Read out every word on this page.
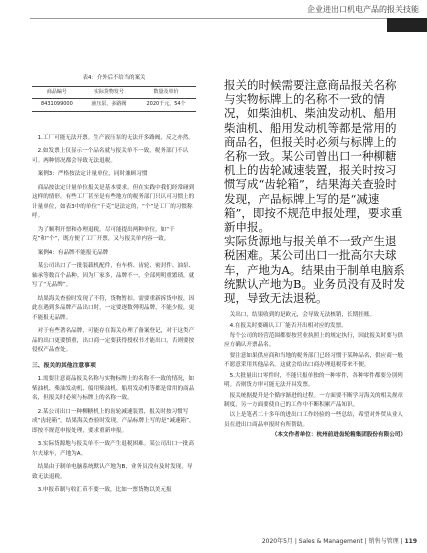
企业进出口机电产品的报关技能
表4：介外后不给当的案关
商品编号	实际货物发号	数量及单价
8431099000	液压泵，多路阀	2020千元，54个
1.工厂可能无法开票。生产液压泵的无法开多路阀，反之亦然。
2.如发票上仅显示一个品名就与报关单不一致，税务部门不认可。两种情况都会导致无法退税。
案例3：严格按法定计量单位，同时兼顾习惯
商品按法定计量单位报关是基本要求。但在实践中我们经常碰到这样的情形，有些工厂甚至是有些地方的税务部门只认可习惯上的计量单位，如表3中的单位“千克”是法定的，“个”是工厂的习惯称呼。
为了顺利开票和办理退税，尽可能提出两种单位，如“千克”和“个”，既方便了工厂开票，又与报关单内容一致。
案例4：有品牌不能报无品牌
某公司出口了一批装载机配件，有车桥、齿轮、密封件、油泵、轴承等数百个品种。因为厂家多，品牌不一，全部列明重繁琐，就写了“无品牌”。
结果海关查验时发现了不符，货物暂扣。需要重新拆货申报，因此在遇到多品牌产品出口时，一定要逐数列明品牌，不能少报，更不能报无品牌。
对于有些著名品牌，可能存在海关办理了备案登记，对于这类产品的出口更要慎重，出口商一定要获得授权书才能出口，否则要按侵权产品查处。
三、报关的其他注意事项
1.需要注意商品报关名称与实物标牌上的名称不一致的情况，如柴油机、柴油发动机、船用柴油机、船用发动机等都是常用的商品名，但报关时必须与标牌上的名称一致。
2.某公司出口一种柳糖机上的齿轮减速装置，报关时按习惯写成“齿轮箱”，结果海关查验时发现，产品标牌上写的是“减速箱”，即按不规范申报处理，要求重新申报。
3.实际货源地与报关单不一致产生退税困难。某公司出口一批高尔夫球车，产地为A。
结果由于制单电脑系统默认产地为B，业务员没有及时发现，导致无法退税。
3.申报币制与收汇币不要一致，比如一票货物以美元报

报关的时候需要注意商品报关名称与实物标牌上的名称不一致的情况，如柴油机、柴油发动机、船用柴油机、船用发动机等都是常用的商品名，但报关时必须与标牌上的名称一致。某公司曾出口一种柳糖机上的齿轮减速装置，报关时按习惯写成“齿轮箱”，结果海关查验时发现，产品标牌上写的是“减速箱”，即按不规范申报处理，要求重新申报。

实际货源地与报关单不一致产生退税困难。某公司出口一批高尔夫球车，产地为A。结果由于制单电脑系统默认产地为B。业务员没有及时发现，导致无法退税。

关出口，结果收到的是欧元，会导致无法核销，长期挂账。

4.在报关时要确认工厂能否开出相对应的发票。

每个公司的经营范围都要按营业执照上的规定执行，因此报关时要与供应方确认开票品名。

要注意如果供应商和当地的税务部门已经习惯于某种品名，供应商一般不愿意采用其他品名。这就会给出口商办理退税带来不便。

5.大批量出口零件时，不能只报单独的一种零件，各种零件都要分别列明。否则货方审可能无法开具发票。

报关统据提升是个循序渐进的过程。一方面要不断学习海关的相关规章制度，另一方面要使自己的工作中不断积累产品知识。

以上是笔者二十多年的进出口工作经验的一些总结，希望对外贸从业人员在进出口商品申报时有所帮助。

（本文作者单位：杭州前进齿轮箱集团股份有限公司）

2020年5月 | Sales & Management | 销售与管理 | 119
